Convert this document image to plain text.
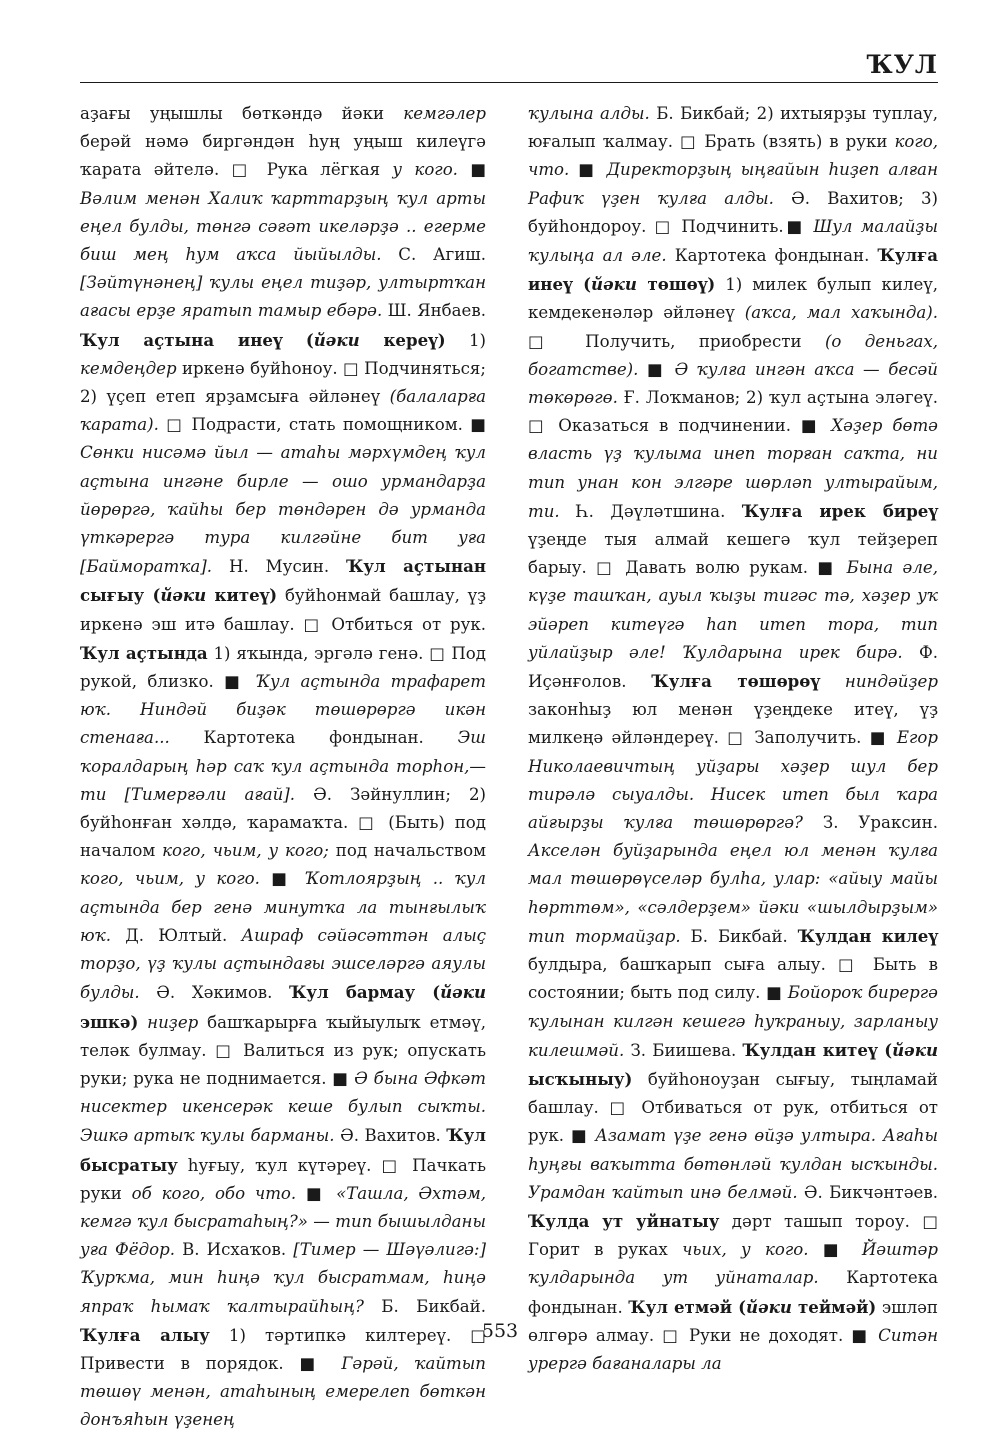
ҠУЛ

аҙағы уңышлы бөткәндә йәки кемгәлер берәй нәмә биргәндән һуң уңыш килеүгә ҡарата әйтелә. □ Рука лёгкая у кого. ■ Вәлим менән Халиҡ ҡарттарҙың ҡул арты еңел булды, төнгә сәғәт икеләрҙә .. егерме биш мең һум аҡса йыйылды. С. Агиш. [Зәйтүнәнең] ҡулы еңел тиҙәр, ултыртҡан ағасы ерҙе яратып тамыр ебәрә. Ш. Янбаев. Ҡул аҫтына инеү (йәки кереү) 1) кемдеңдер иркенә буйһоноу. □ Подчиняться; 2) үҫеп етеп ярҙамсыға әйләнеү (балаларға ҡарата). □ Подрасти, стать помощником. ■ Сөнки нисәмә йыл — атаһы мәрхүмдең ҡул аҫтына ингәне бирле — ошо урмандарҙа йөрөргә, ҡайһы бер төндәрен дә урманда үткәрергә тура килгәйне бит уға [Байморатҡа]. Н. Мусин. Ҡул аҫтынан сығыу (йәки китеү) буйһонмай башлау, үҙ иркенә эш итә башлау. □ Отбиться от рук. Ҡул аҫтында 1) яҡында, эргәлә генә. □ Под рукой, близко. ■ Ҡул аҫтында трафарет юҡ. Ниндәй биҙәк төшөрөргә икән стенаға... Картотека фондынан. Эш ҡоралдарың һәр саҡ ҡул аҫтында торһон,— ти [Тимерғәли ағай]. Ә. Зәйнуллин; 2) буйһонған хәлдә, ҡарамаҡта. □ (Быть) под началом кого, чьим, у кого; под начальством кого, чьим, у кого. ■ Ҡотлоярҙың .. ҡул аҫтында бер генә минутҡа ла тынғылыҡ юҡ. Д. Юлтый. Ашраф сәйәсәттән алыҫ торҙо, үҙ ҡулы аҫтындағы эшселәргә аяулы булды. Ә. Хәкимов. Ҡул бармау (йәки эшкә) ниҙер башҡарырға ҡыйыулыҡ етмәү, теләк булмау. □ Валиться из рук; опускать руки; рука не поднимается. ■ Ә бына Әфкәт нисектер икенсерәк кеше булып сыҡты. Эшкә артыҡ ҡулы барманы. Ә. Вахитов. Ҡул бысратыу һуғыу, ҡул күтәреү. □ Пачкать руки об кого, обо что. ■ «Ташла, Әхтәм, кемгә ҡул бысратаһың?» — тип бышылданы уға Фёдор. В. Исхаҡов. [Тимер — Шәүәлигә:] Ҡурҡма, мин һиңә ҡул бысратмам, һиңә япраҡ һымаҡ ҡалтырайһың? Б. Бикбай. Ҡулға алыу 1) тәртипкә килтереү. □ Привести в порядок. ■ Гәрәй, ҡайтып төшөү менән, атаһының емерелеп бөткән донъяһын үҙенең

ҡулына алды. Б. Бикбай; 2) ихтыярҙы туплау, юғалып ҡалмау. □ Брать (взять) в руки кого, что. ■ Директорҙың ыңғайын һиҙеп алған Рафиҡ үҙен ҡулға алды. Ә. Вахитов; 3) буйһондороу. □ Подчинить.■ Шул малайҙы ҡулыңа ал әле. Картотека фондынан. Ҡулға инеү (йәки төшөү) 1) милек булып килеү, кемдекенәләр әйләнеү (аҡса, мал хаҡында). □ Получить, приобрести (о деньгах, богатстве). ■ Ә ҡулға ингән аҡса — бесәй төкөрөгө. Ғ. Лоҡманов; 2) ҡул аҫтына эләгеү. □ Оказаться в подчинении. ■ Хәҙер бөтә власть үҙ ҡулыма инеп торған саҡта, ни тип унан кон элгәре шөрләп ултырайым, ти. Һ. Дәүләтшина. Ҡулға ирек биреү үҙеңде тыя алмай кешегә ҡул тейҙереп барыу. □ Давать волю рукам. ■ Бына әле, күҙе ташҡан, ауыл ҡыҙы тигәс тә, хәҙер уҡ эйәреп китеүгә һап итеп тора, тип уйлайҙыр әле! Ҡулдарына ирек бирә. Ф. Иҫәнғолов. Ҡулға төшөрөү ниндәйҙер законһыҙ юл менән үҙеңдеке итеү, үҙ милкеңә әйләндереү. □ Заполучить. ■ Егор Николаевичтың уйҙары хәҙер шул бер тирәлә сыуалды. Нисек итеп был ҡара айғырҙы ҡулға төшөрөргә? З. Ураксин. Акселән буйҙарында еңел юл менән ҡулға мал төшөрөүселәр булһа, улар: «айыу майы һөрттөм», «сәлдерҙем» йәки «шылдырҙым» тип тормайҙар. Б. Бикбай. Ҡулдан килеү булдыра, башҡарып сыға алыу. □ Быть в состоянии; быть под силу. ■ Бойороҡ бирергә ҡулынан килгән кешегә һуҡраныу, зарланыу килешмәй. З. Биишева. Ҡулдан китеү (йәки ысҡыныу) буйһоноуҙан сығыу, тыңламай башлау. □ Отбиваться от рук, отбиться от рук. ■ Азамат үҙе генә өйҙә ултыра. Ағаһы һуңғы ваҡытта бөтөнләй ҡулдан ысҡынды. Урамдан ҡайтып инә белмәй. Ә. Бикчәнтәев. Ҡулда ут уйнатыу дәрт ташып тороу. □ Горит в руках чьих, у кого. ■ Йәштәр ҡулдарында ут уйнаталар. Картотека фондынан. Ҡул етмәй (йәки теймәй) эшләп өлгөрә алмау. □ Руки не доходят. ■ Ситән урергә бағаналары ла

553
